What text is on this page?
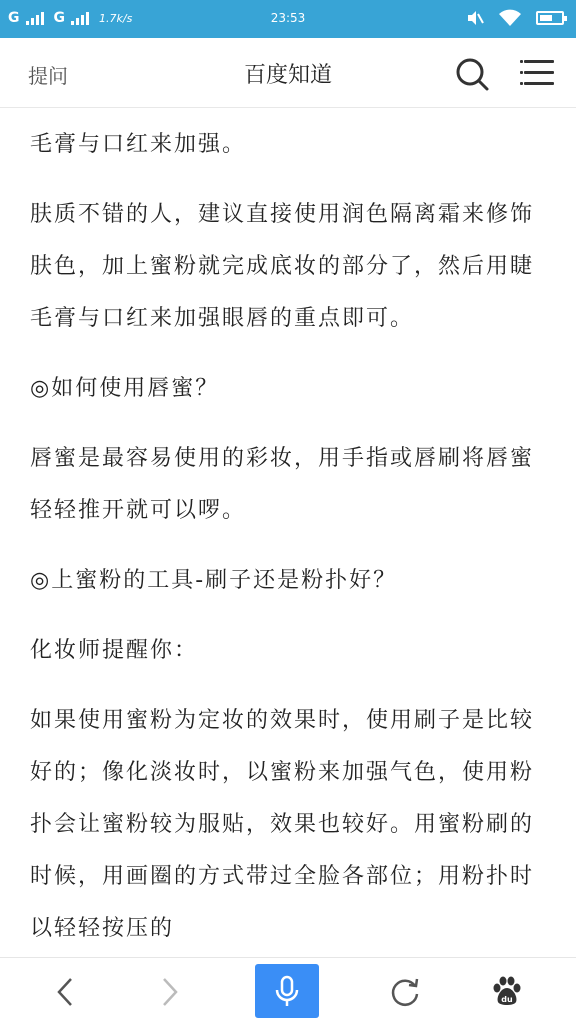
G G	1.7k/s	23:53
提问	百度知道

毛膏与口红来加强。

肤质不错的人，建议直接使用润色隔离霜来修饰肤色，加上蜜粉就完成底妆的部分了，然后用睫毛膏与口红来加强眼唇的重点即可。

◎如何使用唇蜜？

唇蜜是最容易使用的彩妆，用手指或唇刷将唇蜜轻轻推开就可以啰。

◎上蜜粉的工具-刷子还是粉扑好？

化妆师提醒你：

如果使用蜜粉为定妆的效果时，使用刷子是比较好的；像化淡妆时，以蜜粉来加强气色，使用粉扑会让蜜粉较为服贴，效果也较好。用蜜粉刷的时候，用画圈的方式带过全脸各部位；用粉扑时以轻轻按压的

du
